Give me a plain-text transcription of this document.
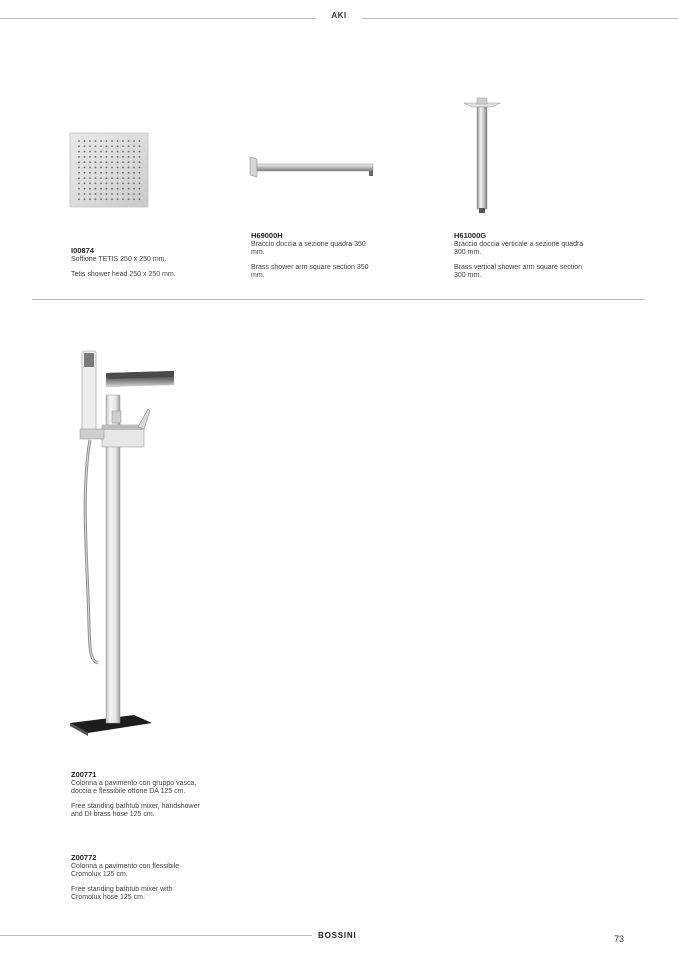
AKI
I00874
Soffione TETIS 250 x 250 mm.
Tetis shower head 250 x 250 mm.
H69000H
Braccio doccia a sezione quadra 350 mm.
Brass shower arm square section 350 mm.
H61000G
Braccio doccia verticale a sezione quadra 300 mm.
Brass vertical shower arm square section 300 mm.
Z00771
Colonna a pavimento con gruppo vasca, doccia e flessibile ottone DA 125 cm.
Free standing bathtub mixer, handshower and DI brass hose 125 cm.
Z00772
Colonna a pavimento con flessibile Cromolux 125 cm.
Free standing bathtub mixer with Cromolux hose 125 cm.
BOSSINI	73
